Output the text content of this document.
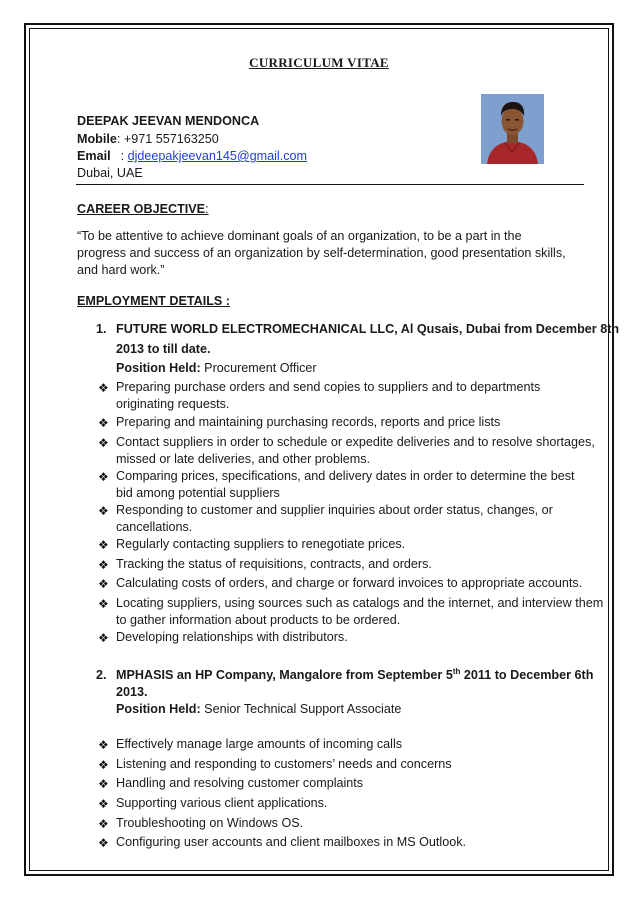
CURRICULUM VITAE
DEEPAK JEEVAN MENDONCA
Mobile: +971 557163250
Email : djdeepakjeevan145@gmail.com
Dubai, UAE
CAREER OBJECTIVE:
“To be attentive to achieve dominant goals of an organization, to be a part in the
progress and success of an organization by self-determination, good presentation skills,
and hard work.”
EMPLOYMENT DETAILS :
1. FUTURE WORLD ELECTROMECHANICAL LLC, Al Qusais, Dubai from December 8th
2013 to till date.
Position Held: Procurement Officer
❖ Preparing purchase orders and send copies to suppliers and to departments
originating requests.
❖ Preparing and maintaining purchasing records, reports and price lists
❖ Contact suppliers in order to schedule or expedite deliveries and to resolve shortages,
missed or late deliveries, and other problems.
❖ Comparing prices, specifications, and delivery dates in order to determine the best
bid among potential suppliers
❖ Responding to customer and supplier inquiries about order status, changes, or
cancellations.
❖ Regularly contacting suppliers to renegotiate prices.
❖ Tracking the status of requisitions, contracts, and orders.
❖ Calculating costs of orders, and charge or forward invoices to appropriate accounts.
❖ Locating suppliers, using sources such as catalogs and the internet, and interview them
to gather information about products to be ordered.
❖ Developing relationships with distributors.
2. MPHASIS an HP Company, Mangalore from September 5th 2011 to December 6th
2013.
Position Held: Senior Technical Support Associate
❖ Effectively manage large amounts of incoming calls
❖ Listening and responding to customers’ needs and concerns
❖ Handling and resolving customer complaints
❖ Supporting various client applications.
❖ Troubleshooting on Windows OS.
❖ Configuring user accounts and client mailboxes in MS Outlook.
